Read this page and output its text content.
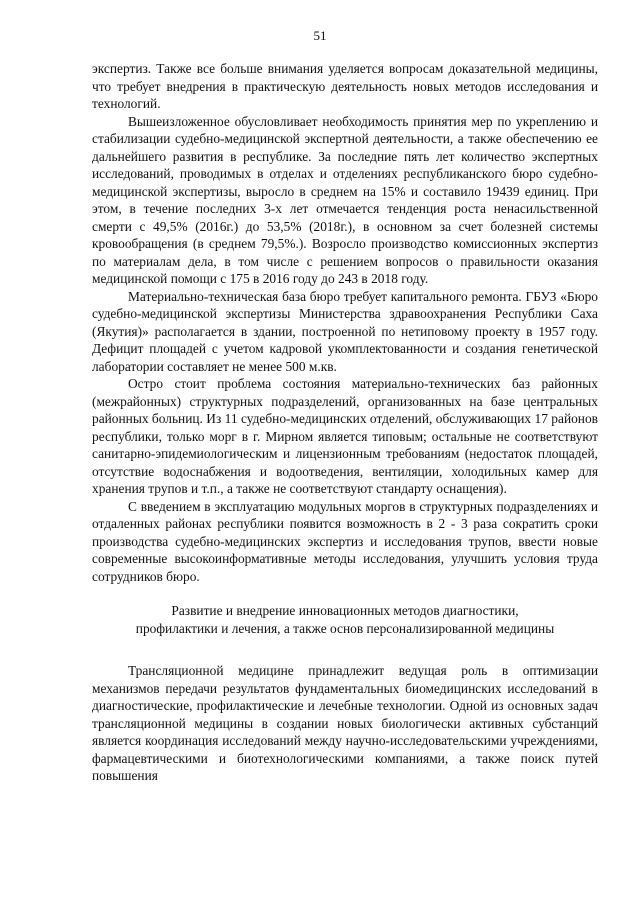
51

экспертиз. Также все больше внимания уделяется вопросам доказательной медицины, что требует внедрения в практическую деятельность новых методов исследования и технологий.

Вышеизложенное обусловливает необходимость принятия мер по укреплению и стабилизации судебно-медицинской экспертной деятельности, а также обеспечению ее дальнейшего развития в республике. За последние пять лет количество экспертных исследований, проводимых в отделах и отделениях республиканского бюро судебно-медицинской экспертизы, выросло в среднем на 15% и составило 19439 единиц. При этом, в течение последних 3-х лет отмечается тенденция роста ненасильственной смерти с 49,5% (2016г.) до 53,5% (2018г.), в основном за счет болезней системы кровообращения (в среднем 79,5%.). Возросло производство комиссионных экспертиз по материалам дела, в том числе с решением вопросов о правильности оказания медицинской помощи с 175 в 2016 году до 243 в 2018 году.

Материально-техническая база бюро требует капитального ремонта. ГБУЗ «Бюро судебно-медицинской экспертизы Министерства здравоохранения Республики Саха (Якутия)» располагается в здании, построенной по нетиповому проекту в 1957 году. Дефицит площадей с учетом кадровой укомплектованности и создания генетической лаборатории составляет не менее 500 м.кв.

Остро стоит проблема состояния материально-технических баз районных (межрайонных) структурных подразделений, организованных на базе центральных районных больниц. Из 11 судебно-медицинских отделений, обслуживающих 17 районов республики, только морг в г. Мирном является типовым; остальные не соответствуют санитарно-эпидемиологическим и лицензионным требованиям (недостаток площадей, отсутствие водоснабжения и водоотведения, вентиляции, холодильных камер для хранения трупов и т.п., а также не соответствуют стандарту оснащения).

С введением в эксплуатацию модульных моргов в структурных подразделениях и отдаленных районах республики появится возможность в 2 - 3 раза сократить сроки производства судебно-медицинских экспертиз и исследования трупов, ввести новые современные высокоинформативные методы исследования, улучшить условия труда сотрудников бюро.

Развитие и внедрение инновационных методов диагностики,
профилактики и лечения, а также основ персонализированной медицины

Трансляционной медицине принадлежит ведущая роль в оптимизации механизмов передачи результатов фундаментальных биомедицинских исследований в диагностические, профилактические и лечебные технологии. Одной из основных задач трансляционной медицины в создании новых биологически активных субстанций является координация исследований между научно-исследовательскими учреждениями, фармацевтическими и биотехнологическими компаниями, а также поиск путей повышения
